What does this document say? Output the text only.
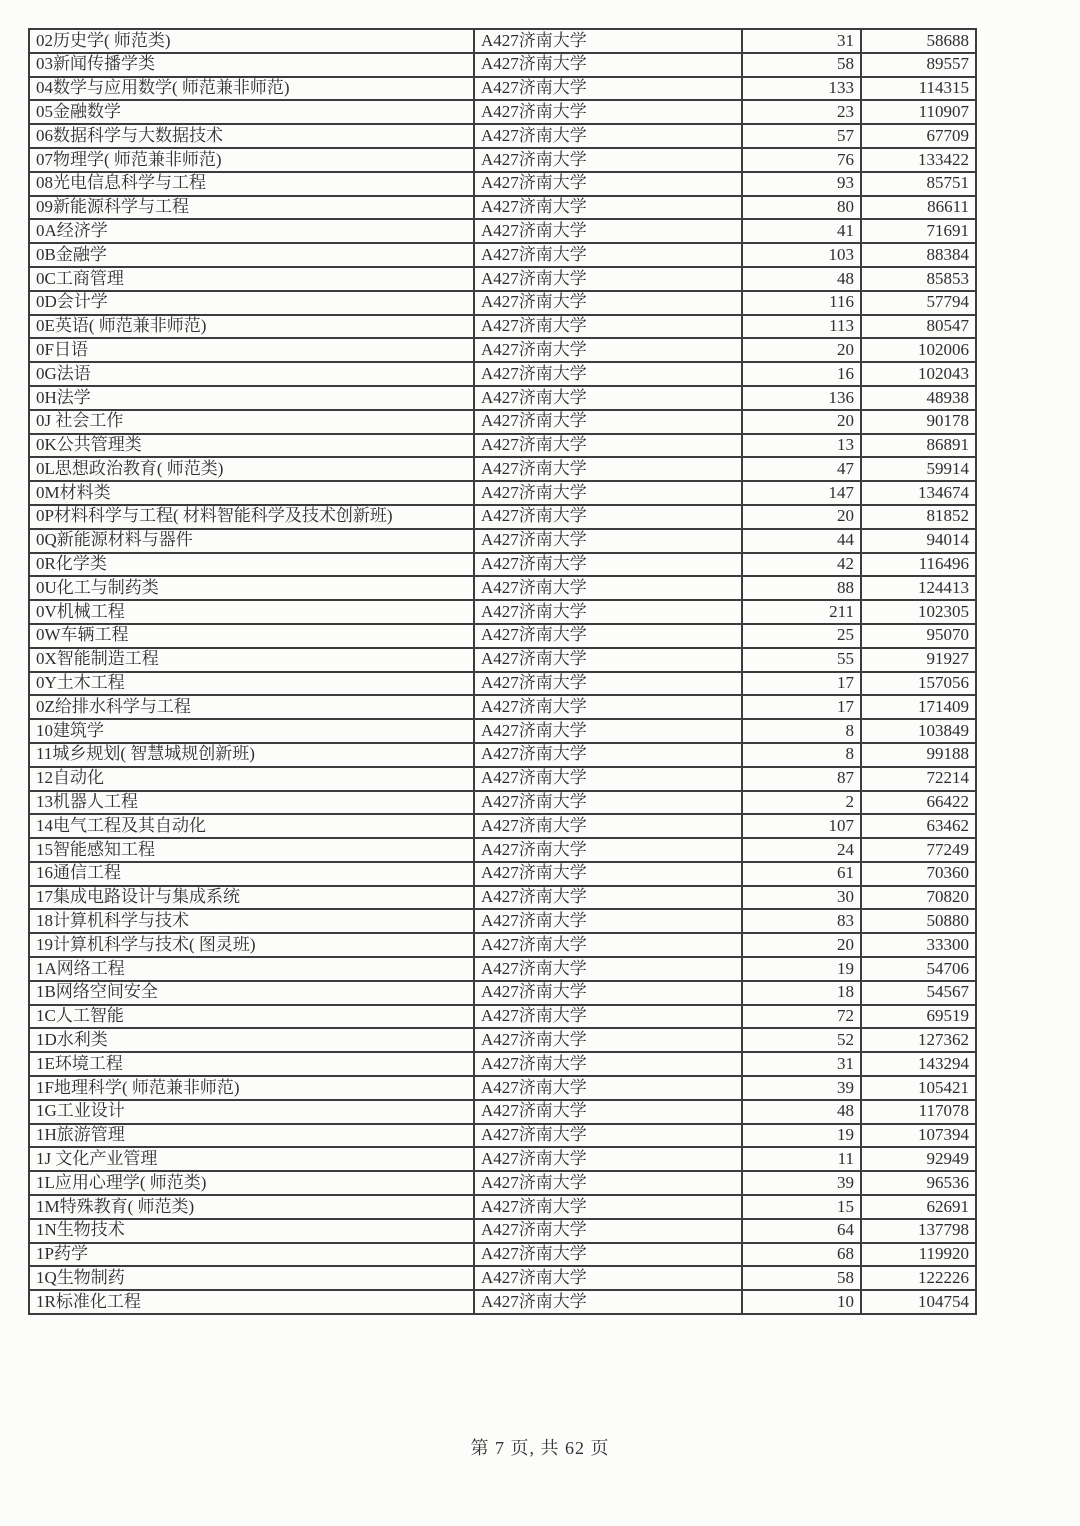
02历史学( 师范类)	A427济南大学	31	58688
03新闻传播学类	A427济南大学	58	89557
04数学与应用数学( 师范兼非师范)	A427济南大学	133	114315
05金融数学	A427济南大学	23	110907
06数据科学与大数据技术	A427济南大学	57	67709
07物理学( 师范兼非师范)	A427济南大学	76	133422
08光电信息科学与工程	A427济南大学	93	85751
09新能源科学与工程	A427济南大学	80	86611
0A经济学	A427济南大学	41	71691
0B金融学	A427济南大学	103	88384
0C工商管理	A427济南大学	48	85853
0D会计学	A427济南大学	116	57794
0E英语( 师范兼非师范)	A427济南大学	113	80547
0F日语	A427济南大学	20	102006
0G法语	A427济南大学	16	102043
0H法学	A427济南大学	136	48938
0J 社会工作	A427济南大学	20	90178
0K公共管理类	A427济南大学	13	86891
0L思想政治教育( 师范类)	A427济南大学	47	59914
0M材料类	A427济南大学	147	134674
0P材料科学与工程( 材料智能科学及技术创新班)	A427济南大学	20	81852
0Q新能源材料与器件	A427济南大学	44	94014
0R化学类	A427济南大学	42	116496
0U化工与制药类	A427济南大学	88	124413
0V机械工程	A427济南大学	211	102305
0W车辆工程	A427济南大学	25	95070
0X智能制造工程	A427济南大学	55	91927
0Y土木工程	A427济南大学	17	157056
0Z给排水科学与工程	A427济南大学	17	171409
10建筑学	A427济南大学	8	103849
11城乡规划( 智慧城规创新班)	A427济南大学	8	99188
12自动化	A427济南大学	87	72214
13机器人工程	A427济南大学	2	66422
14电气工程及其自动化	A427济南大学	107	63462
15智能感知工程	A427济南大学	24	77249
16通信工程	A427济南大学	61	70360
17集成电路设计与集成系统	A427济南大学	30	70820
18计算机科学与技术	A427济南大学	83	50880
19计算机科学与技术( 图灵班)	A427济南大学	20	33300
1A网络工程	A427济南大学	19	54706
1B网络空间安全	A427济南大学	18	54567
1C人工智能	A427济南大学	72	69519
1D水利类	A427济南大学	52	127362
1E环境工程	A427济南大学	31	143294
1F地理科学( 师范兼非师范)	A427济南大学	39	105421
1G工业设计	A427济南大学	48	117078
1H旅游管理	A427济南大学	19	107394
1J 文化产业管理	A427济南大学	11	92949
1L应用心理学( 师范类)	A427济南大学	39	96536
1M特殊教育( 师范类)	A427济南大学	15	62691
1N生物技术	A427济南大学	64	137798
1P药学	A427济南大学	68	119920
1Q生物制药	A427济南大学	58	122226
1R标准化工程	A427济南大学	10	104754
第 7 页, 共 62 页
